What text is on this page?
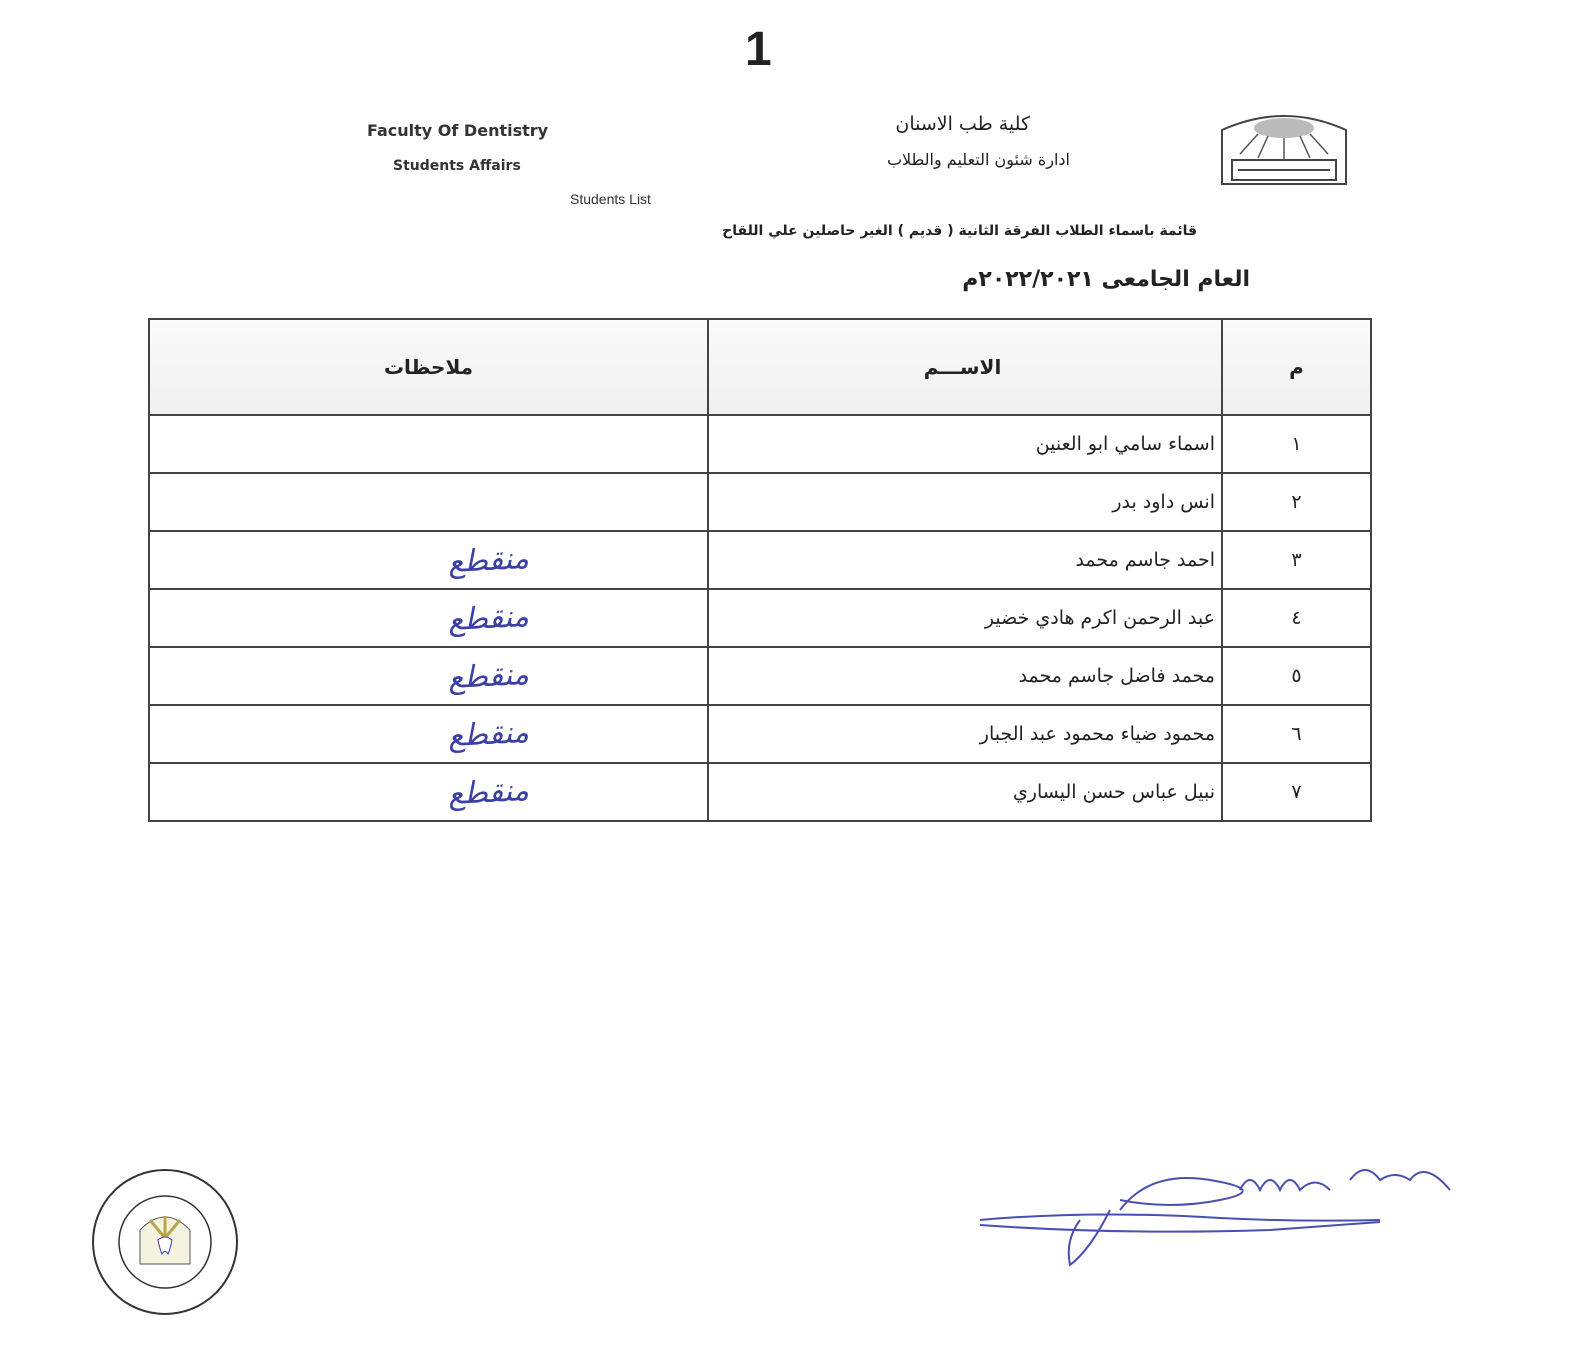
1
Faculty Of Dentistry
Students Affairs
Students List
كلية طب الاسنان
ادارة شئون التعليم والطلاب
قائمة باسماء الطلاب الفرقة الثانية ( قديم ) الغير حاصلين علي اللقاح
العام الجامعى ٢٠٢٢/٢٠٢١م
م	الاســـم	ملاحظات
١	اسماء سامي ابو العنين	
٢	انس داود بدر	
٣	احمد جاسم محمد	منقطع
٤	عبد الرحمن اكرم هادي خضير	منقطع
٥	محمد فاضل جاسم محمد	منقطع
٦	محمود ضياء محمود عبد الجبار	منقطع
٧	نبيل عباس حسن اليساري	منقطع
